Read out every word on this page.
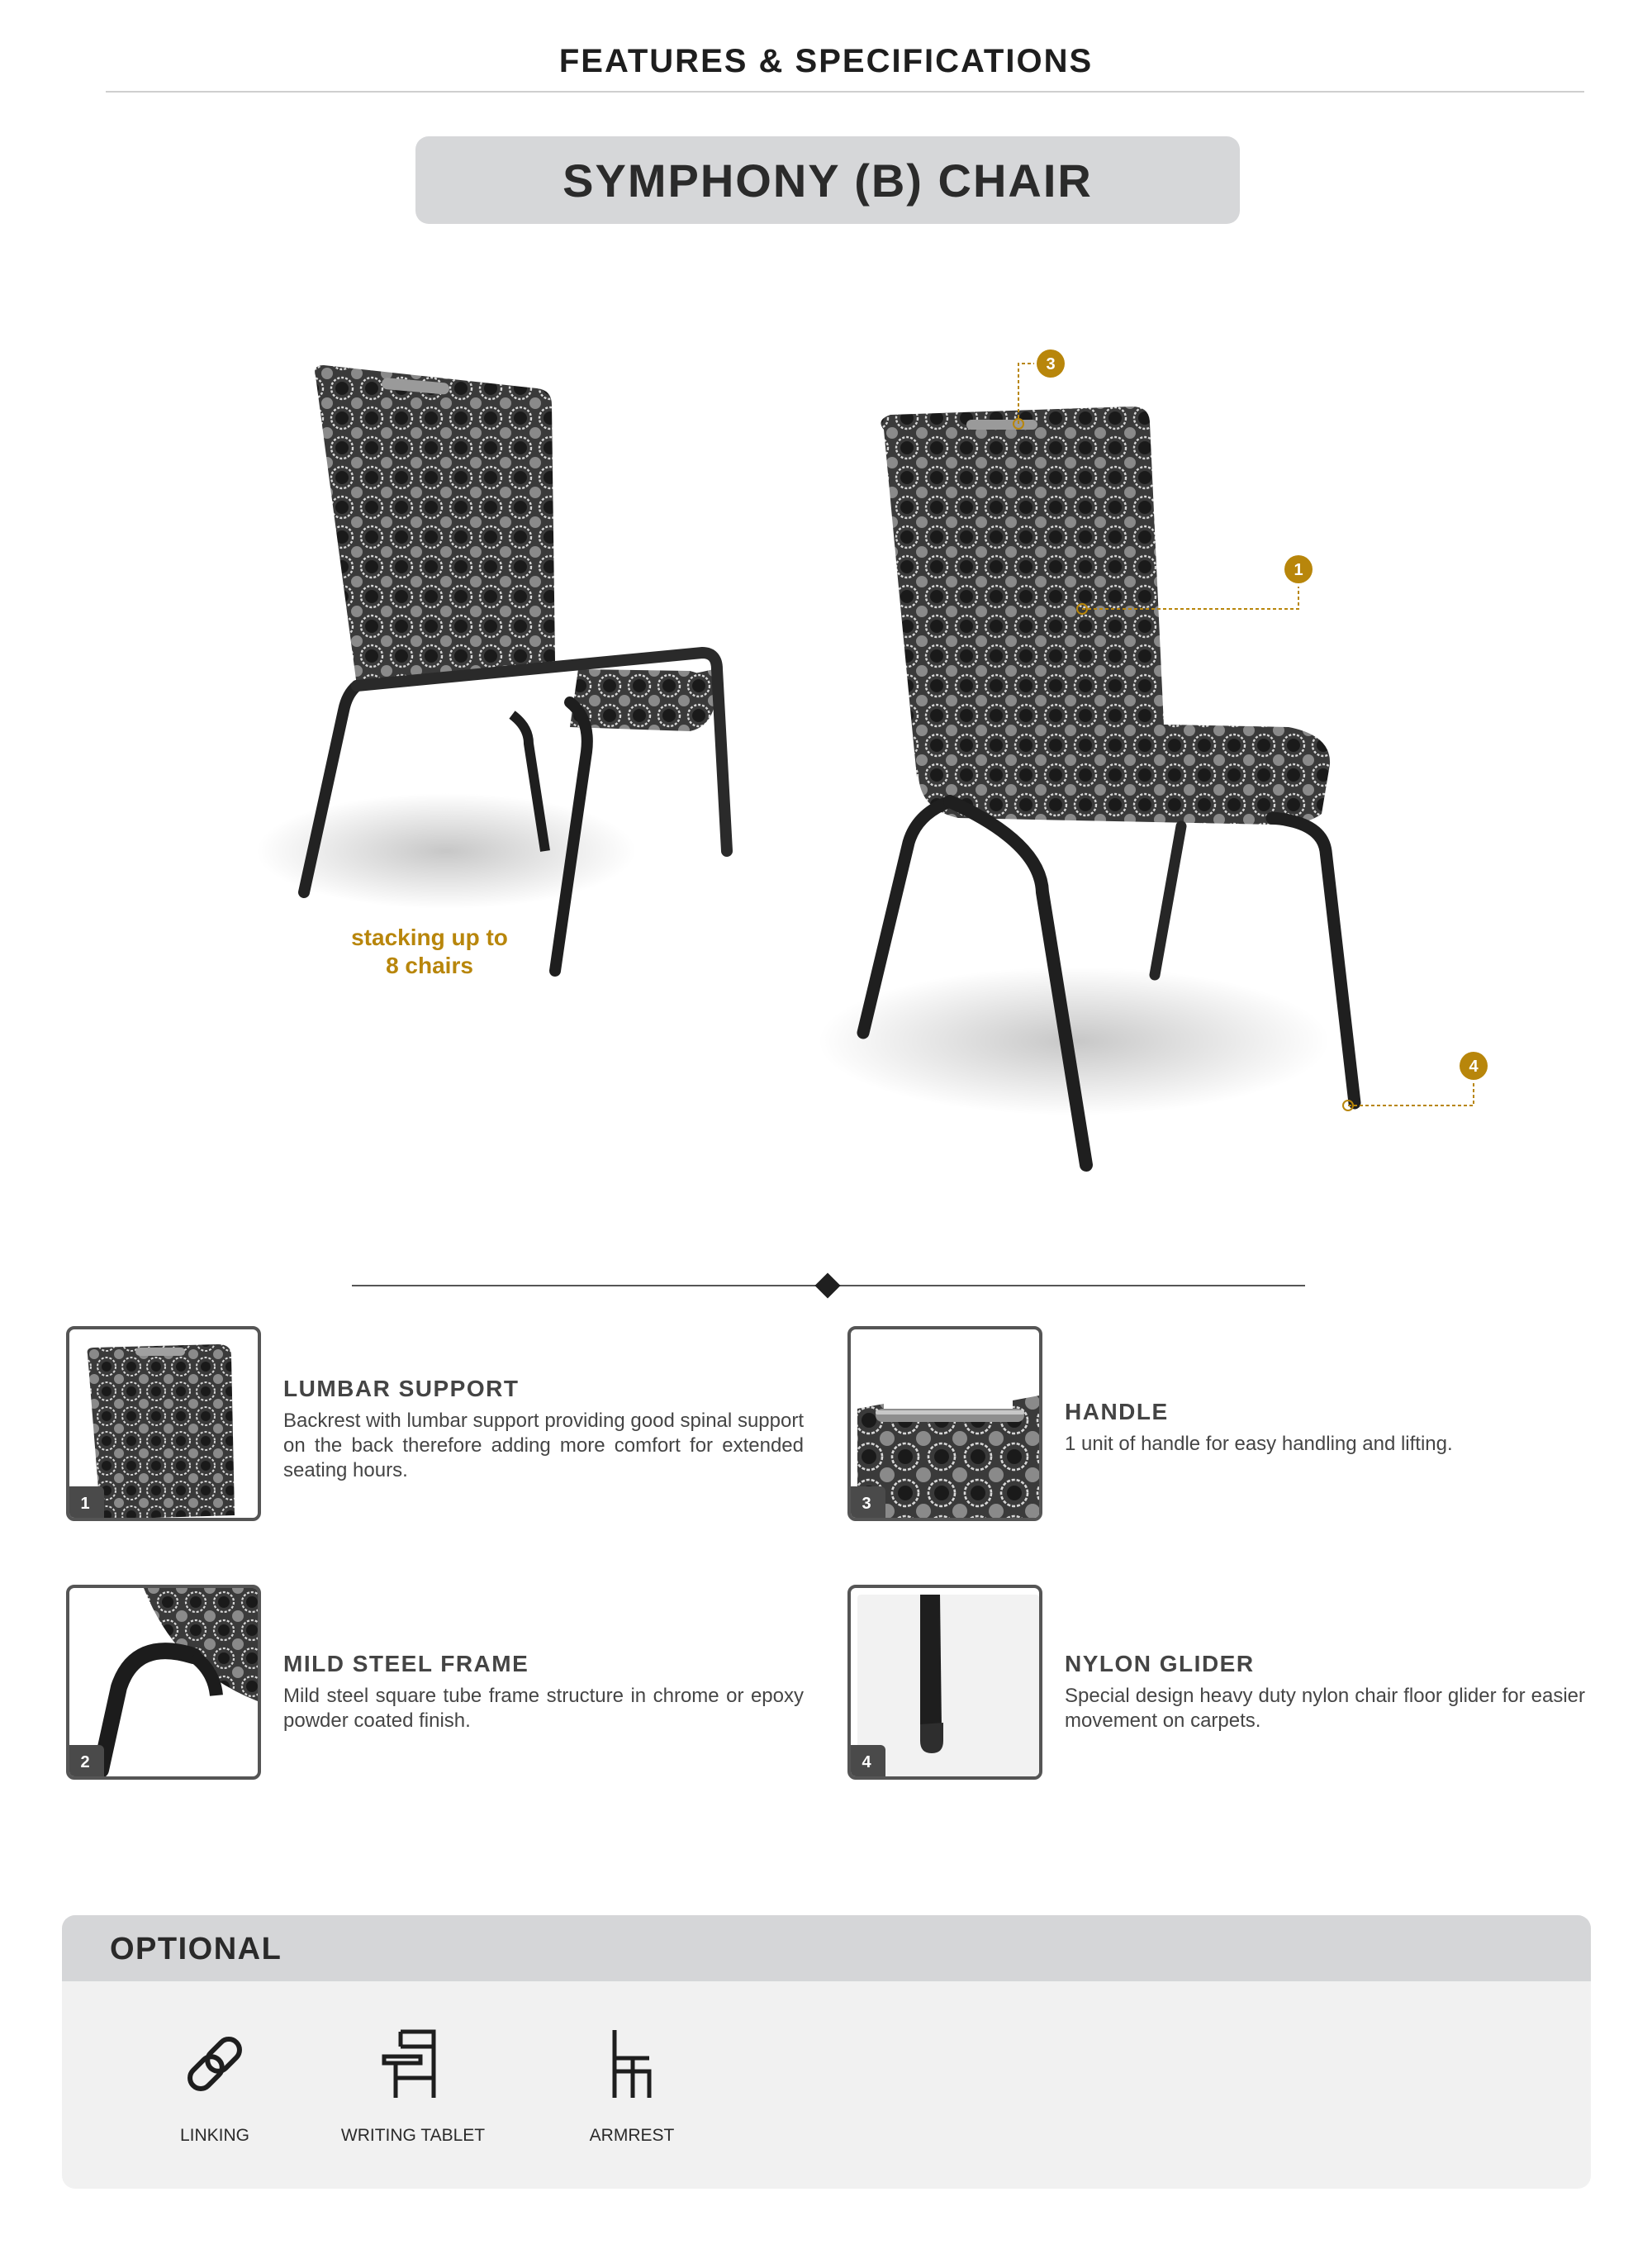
FEATURES & SPECIFICATIONS
SYMPHONY (B) CHAIR
3
1
4
stacking up to
8 chairs
1
LUMBAR SUPPORT
Backrest with lumbar support providing good spinal support on the back therefore adding more comfort for extended seating hours.
3
HANDLE
1 unit of handle for easy handling and lifting.
2
MILD STEEL FRAME
Mild steel square tube frame structure in chrome or epoxy powder coated finish.
4
NYLON GLIDER
Special design heavy duty nylon chair floor glider for easier movement on carpets.
OPTIONAL
LINKING	WRITING TABLET	ARMREST
